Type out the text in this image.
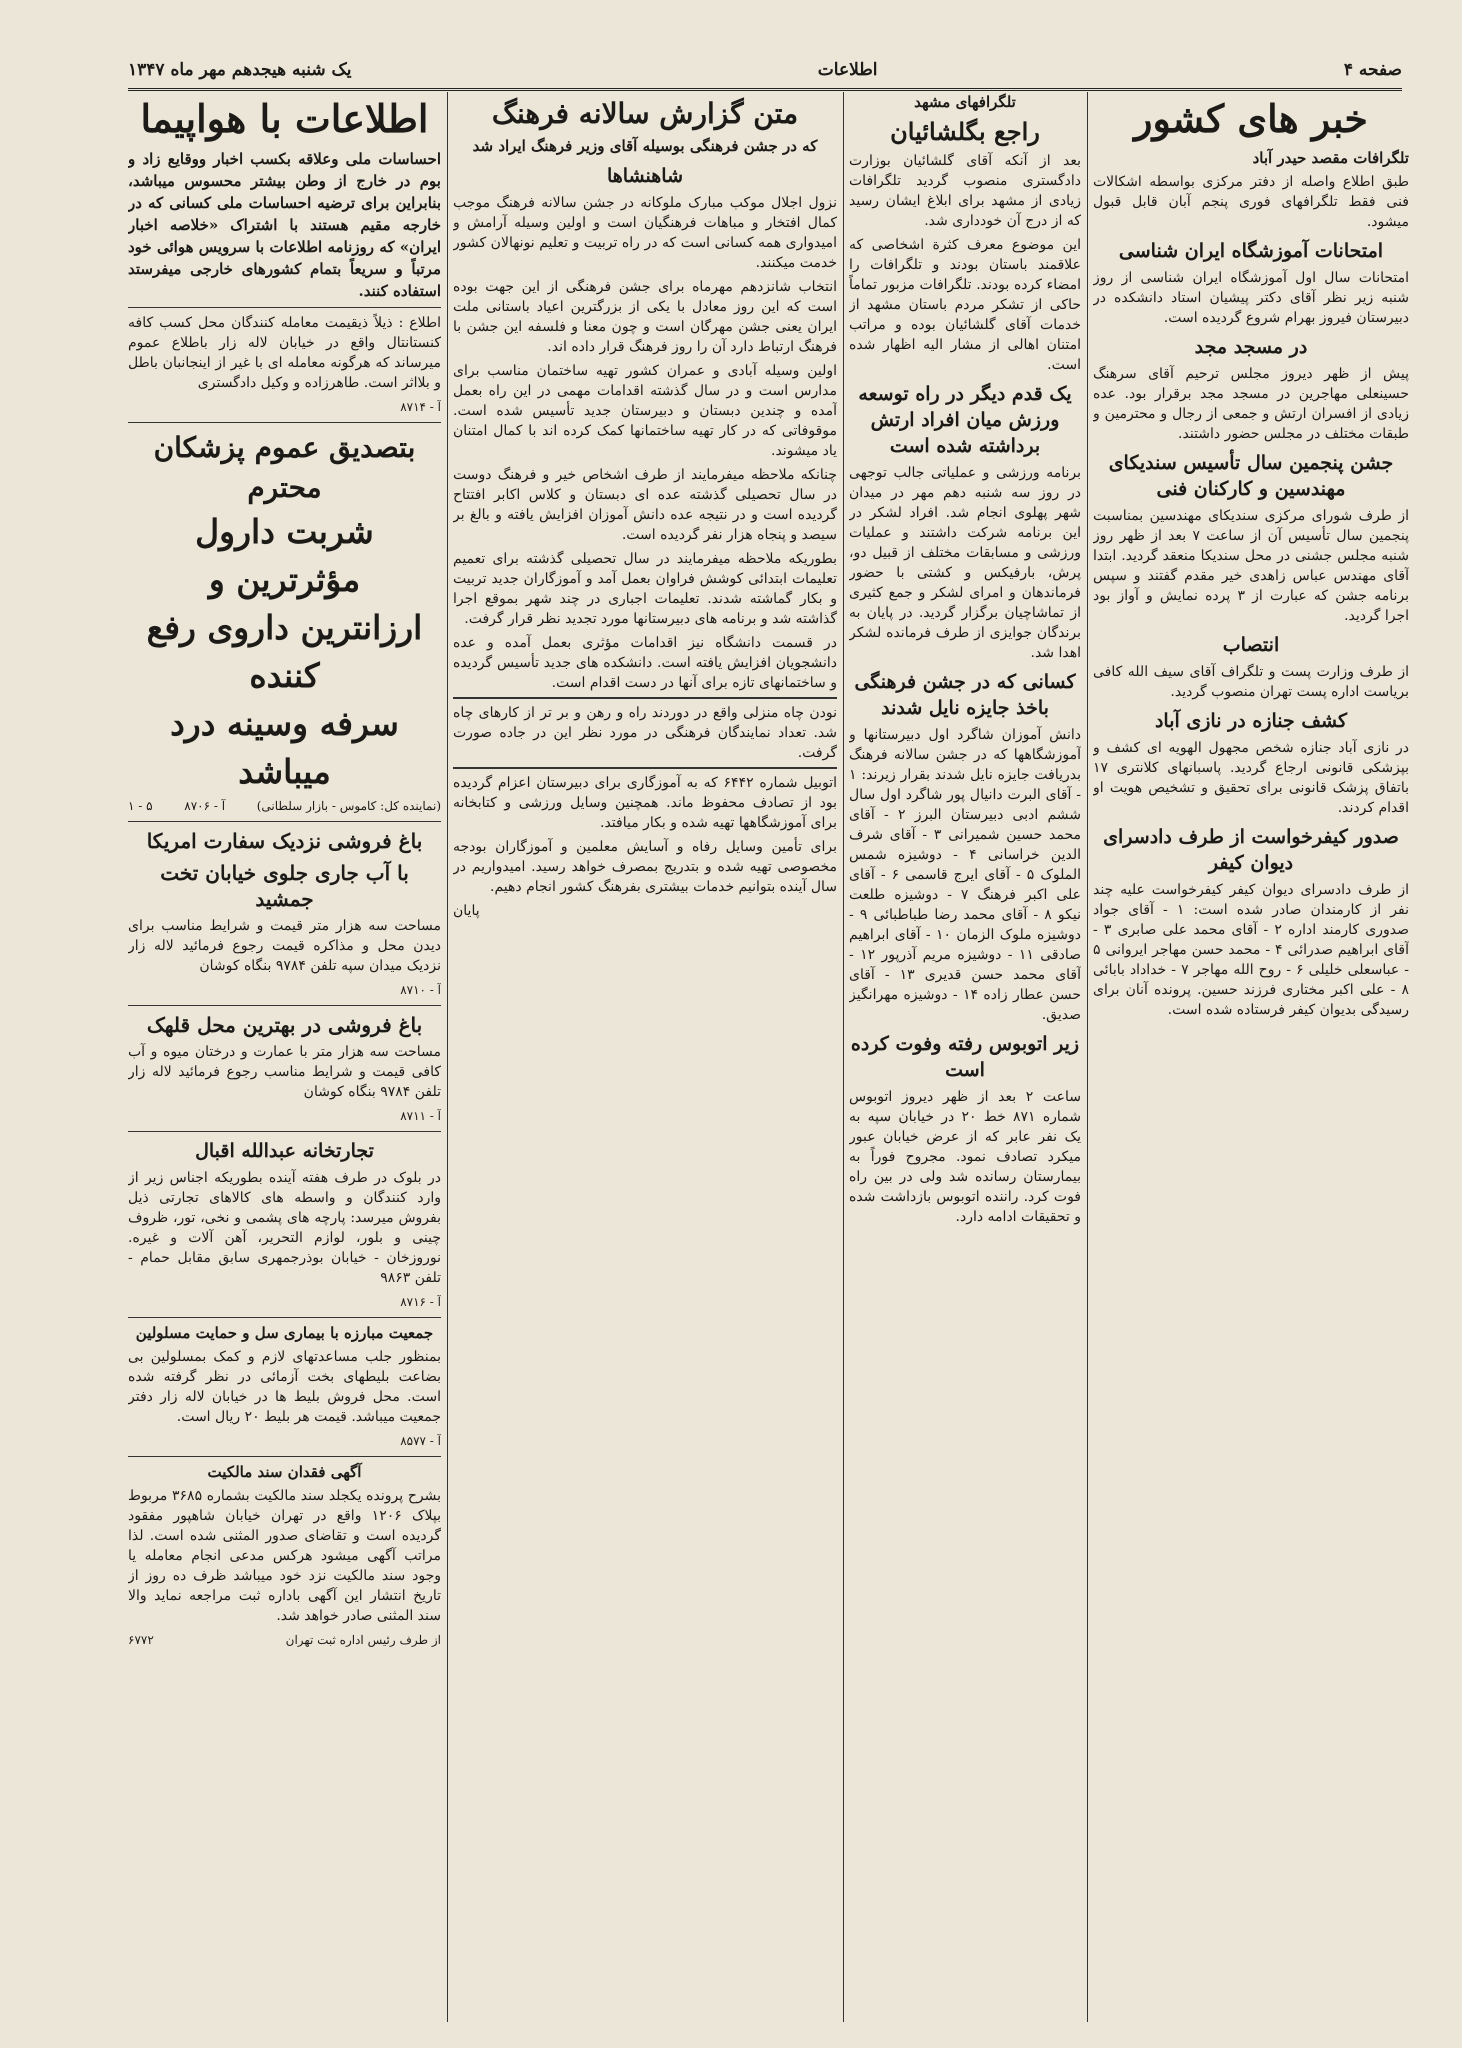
صفحه ۴
اطلاعات
یک شنبه هیجدهم مهر ماه ۱۳۴۷
خبر های کشور
تلگرافات مقصد حیدر آباد

طبق اطلاع واصله از دفتر مرکزی بواسطه اشکالات فنی فقط تلگرافهای فوری پنجم آبان قابل قبول میشود.

امتحانات آموزشگاه ایران شناسی

امتحانات سال اول آموزشگاه ایران شناسی از روز شنبه زیر نظر آقای دکتر پیشیان استاد دانشکده در دبیرستان فیروز بهرام شروع گردیده است.

در مسجد مجد

پیش از ظهر دیروز مجلس ترحیم آقای سرهنگ حسینعلی مهاجرین در مسجد مجد برقرار بود. عده زیادی از افسران ارتش و جمعی از رجال و محترمین و طبقات مختلف در مجلس حضور داشتند.

جشن پنجمین سال تأسیس سندیکای مهندسین و کارکنان فنی

از طرف شورای مرکزی سندیکای مهندسین بمناسبت پنجمین سال تأسیس آن از ساعت ۷ بعد از ظهر روز شنبه مجلس جشنی در محل سندیکا منعقد گردید. ابتدا آقای مهندس عباس زاهدی خیر مقدم گفتند و سپس برنامه جشن که عبارت از ۳ پرده نمایش و آواز بود اجرا گردید.

انتصاب

از طرف وزارت پست و تلگراف آقای سیف الله کافی بریاست اداره پست تهران منصوب گردید.

کشف جنازه در نازی آباد

در نازی آباد جنازه شخص مجهول الهویه ای کشف و بپزشکی قانونی ارجاع گردید. پاسبانهای کلانتری ۱۷ باتفاق پزشک قانونی برای تحقیق و تشخیص هویت او اقدام کردند.

صدور کیفرخواست از طرف دادسرای دیوان کیفر

از طرف دادسرای دیوان کیفر کیفرخواست علیه چند نفر از کارمندان صادر شده است: ۱ - آقای جواد صدوری کارمند اداره ۲ - آقای محمد علی صابری ۳ - آقای ابراهیم صدرائی ۴ - محمد حسن مهاجر ایروانی ۵ - عباسعلی خلیلی ۶ - روح الله مهاجر ۷ - خداداد بابائی ۸ - علی اکبر مختاری فرزند حسین. پرونده آنان برای رسیدگی بدیوان کیفر فرستاده شده است.

تلگرافهای مشهد
راجع بگلشائیان

بعد از آنکه آقای گلشائیان بوزارت دادگستری منصوب گردید تلگرافات زیادی از مشهد برای ابلاغ ایشان رسید که از درج آن خودداری شد.

این موضوع معرف کثرة اشخاصی که علاقمند باستان بودند و تلگرافات را امضاء کرده بودند. تلگرافات مزبور تماماً حاکی از تشکر مردم باستان مشهد از خدمات آقای گلشائیان بوده و مراتب امتنان اهالی از مشار الیه اظهار شده است.

یک قدم دیگر در راه توسعه ورزش میان افراد ارتش برداشته شده است

برنامه ورزشی و عملیاتی جالب توجهی در روز سه شنبه دهم مهر در میدان شهر پهلوی انجام شد. افراد لشکر در این برنامه شرکت داشتند و عملیات ورزشی و مسابقات مختلف از قبیل دو، پرش، بارفیکس و کشتی با حضور فرماندهان و امرای لشکر و جمع کثیری از تماشاچیان برگزار گردید. در پایان به برندگان جوایزی از طرف فرمانده لشکر اهدا شد.

کسانی که در جشن فرهنگی باخذ جایزه نایل شدند

دانش آموزان شاگرد اول دبیرستانها و آموزشگاهها که در جشن سالانه فرهنگ بدریافت جایزه نایل شدند بقرار زیرند: ۱ - آقای البرت دانیال پور شاگرد اول سال ششم ادبی دبیرستان البرز ۲ - آقای محمد حسین شمیرانی ۳ - آقای شرف الدین خراسانی ۴ - دوشیزه شمس الملوک ۵ - آقای ایرج قاسمی ۶ - آقای علی اکبر فرهنگ ۷ - دوشیزه طلعت نیکو ۸ - آقای محمد رضا طباطبائی ۹ - دوشیزه ملوک الزمان ۱۰ - آقای ابراهیم صادقی ۱۱ - دوشیزه مریم آذرپور ۱۲ - آقای محمد حسن قدیری ۱۳ - آقای حسن عطار زاده ۱۴ - دوشیزه مهرانگیز صدیق.

زیر اتوبوس رفته وفوت کرده است

ساعت ۲ بعد از ظهر دیروز اتوبوس شماره ۸۷۱ خط ۲۰ در خیابان سپه به یک نفر عابر که از عرض خیابان عبور میکرد تصادف نمود. مجروح فوراً به بیمارستان رسانده شد ولی در بین راه فوت کرد. راننده اتوبوس بازداشت شده و تحقیقات ادامه دارد.

متن گزارش سالانه فرهنگ
که در جشن فرهنگی بوسیله آقای وزیر فرهنگ ایراد شد
شاهنشاها

نزول اجلال موکب مبارک ملوکانه در جشن سالانه فرهنگ موجب کمال افتخار و مباهات فرهنگیان است و اولین وسیله آرامش و امیدواری همه کسانی است که در راه تربیت و تعلیم نونهالان کشور خدمت میکنند.

انتخاب شانزدهم مهرماه برای جشن فرهنگی از این جهت بوده است که این روز معادل با یکی از بزرگترین اعیاد باستانی ملت ایران یعنی جشن مهرگان است و چون معنا و فلسفه این جشن با فرهنگ ارتباط دارد آن را روز فرهنگ قرار داده اند.

اولین وسیله آبادی و عمران کشور تهیه ساختمان مناسب برای مدارس است و در سال گذشته اقدامات مهمی در این راه بعمل آمده و چندین دبستان و دبیرستان جدید تأسیس شده است. موقوفاتی که در کار تهیه ساختمانها کمک کرده اند با کمال امتنان یاد میشوند.

چنانکه ملاحظه میفرمایند از طرف اشخاص خیر و فرهنگ دوست در سال تحصیلی گذشته عده ای دبستان و کلاس اکابر افتتاح گردیده است و در نتیجه عده دانش آموزان افزایش یافته و بالغ بر سیصد و پنجاه هزار نفر گردیده است.

بطوریکه ملاحظه میفرمایند در سال تحصیلی گذشته برای تعمیم تعلیمات ابتدائی کوشش فراوان بعمل آمد و آموزگاران جدید تربیت و بکار گماشته شدند. تعلیمات اجباری در چند شهر بموقع اجرا گذاشته شد و برنامه های دبیرستانها مورد تجدید نظر قرار گرفت.

در قسمت دانشگاه نیز اقدامات مؤثری بعمل آمده و عده دانشجویان افزایش یافته است. دانشکده های جدید تأسیس گردیده و ساختمانهای تازه برای آنها در دست اقدام است.

نودن چاه منزلی واقع در دوردند راه و رهن و بر تر از کارهای چاه شد. تعداد نمایندگان فرهنگی در مورد نظر این در جاده صورت گرفت.

اتوبیل شماره ۶۴۴۲ که به آموزگاری برای دبیرستان اعزام گردیده بود از تصادف محفوظ ماند. همچنین وسایل ورزشی و کتابخانه برای آموزشگاهها تهیه شده و بکار میافتد.

برای تأمین وسایل رفاه و آسایش معلمین و آموزگاران بودجه مخصوصی تهیه شده و بتدریج بمصرف خواهد رسید. امیدواریم در سال آینده بتوانیم خدمات بیشتری بفرهنگ کشور انجام دهیم.

پایان

اطلاعات با هواپیما

احساسات ملی وعلاقه بکسب اخبار ووقایع زاد و بوم در خارج از وطن بیشتر محسوس میباشد، بنابراین برای ترضیه احساسات ملی کسانی که در خارجه مقیم هستند با اشتراک «خلاصه اخبار ایران» که روزنامه اطلاعات با سرویس هوائی خود مرتباً و سریعاً بتمام کشورهای خارجی میفرستد استفاده کنند.

اطلاع : ذیلاً ذیقیمت معامله کنندگان محل کسب کافه کنستانتال واقع در خیابان لاله زار باطلاع عموم میرساند که هرگونه معامله ای با غیر از اینجانبان باطل و بلااثر است. طاهرزاده و وکیل دادگستری

آ - ۸۷۱۴
بتصدیق عموم پزشکان محترم
شربت دارول مؤثرترین و
ارزانترین داروی رفع کننده
سرفه وسینه درد میباشد
(نماینده کل: کاموس - بازار سلطانی)
آ - ۸۷۰۶
۵ - ۱
باغ فروشی نزدیک سفارت امریکا
با آب جاری جلوی خیابان تخت جمشید

مساحت سه هزار متر قیمت و شرایط مناسب برای دیدن محل و مذاکره قیمت رجوع فرمائید لاله زار نزدیک میدان سپه تلفن ۹۷۸۴ بنگاه کوشان

آ - ۸۷۱۰
باغ فروشی در بهترین محل قلهک

مساحت سه هزار متر با عمارت و درختان میوه و آب کافی قیمت و شرایط مناسب رجوع فرمائید لاله زار تلفن ۹۷۸۴ بنگاه کوشان

آ - ۸۷۱۱
تجارتخانه عبدالله اقبال

در بلوک در طرف هفته آینده بطوریکه اجناس زیر از وارد کنندگان و واسطه های کالاهای تجارتی ذیل بفروش میرسد: پارچه های پشمی و نخی، تور، ظروف چینی و بلور، لوازم التحریر، آهن آلات و غیره. نوروزخان - خیابان بوذرجمهری سابق مقابل حمام - تلفن ۹۸۶۳

آ - ۸۷۱۶
جمعیت مبارزه با بیماری سل و حمایت مسلولین

بمنظور جلب مساعدتهای لازم و کمک بمسلولین بی بضاعت بلیطهای بخت آزمائی در نظر گرفته شده است. محل فروش بلیط ها در خیابان لاله زار دفتر جمعیت میباشد. قیمت هر بلیط ۲۰ ریال است.

آ - ۸۵۷۷
آگهی فقدان سند مالکیت

بشرح پرونده یکجلد سند مالکیت بشماره ۳۶۸۵ مربوط بپلاک ۱۲۰۶ واقع در تهران خیابان شاهپور مفقود گردیده است و تقاضای صدور المثنی شده است. لذا مراتب آگهی میشود هرکس مدعی انجام معامله یا وجود سند مالکیت نزد خود میباشد ظرف ده روز از تاریخ انتشار این آگهی باداره ثبت مراجعه نماید والا سند المثنی صادر خواهد شد.

از طرف رئیس اداره ثبت تهران
۶۷۷۲
